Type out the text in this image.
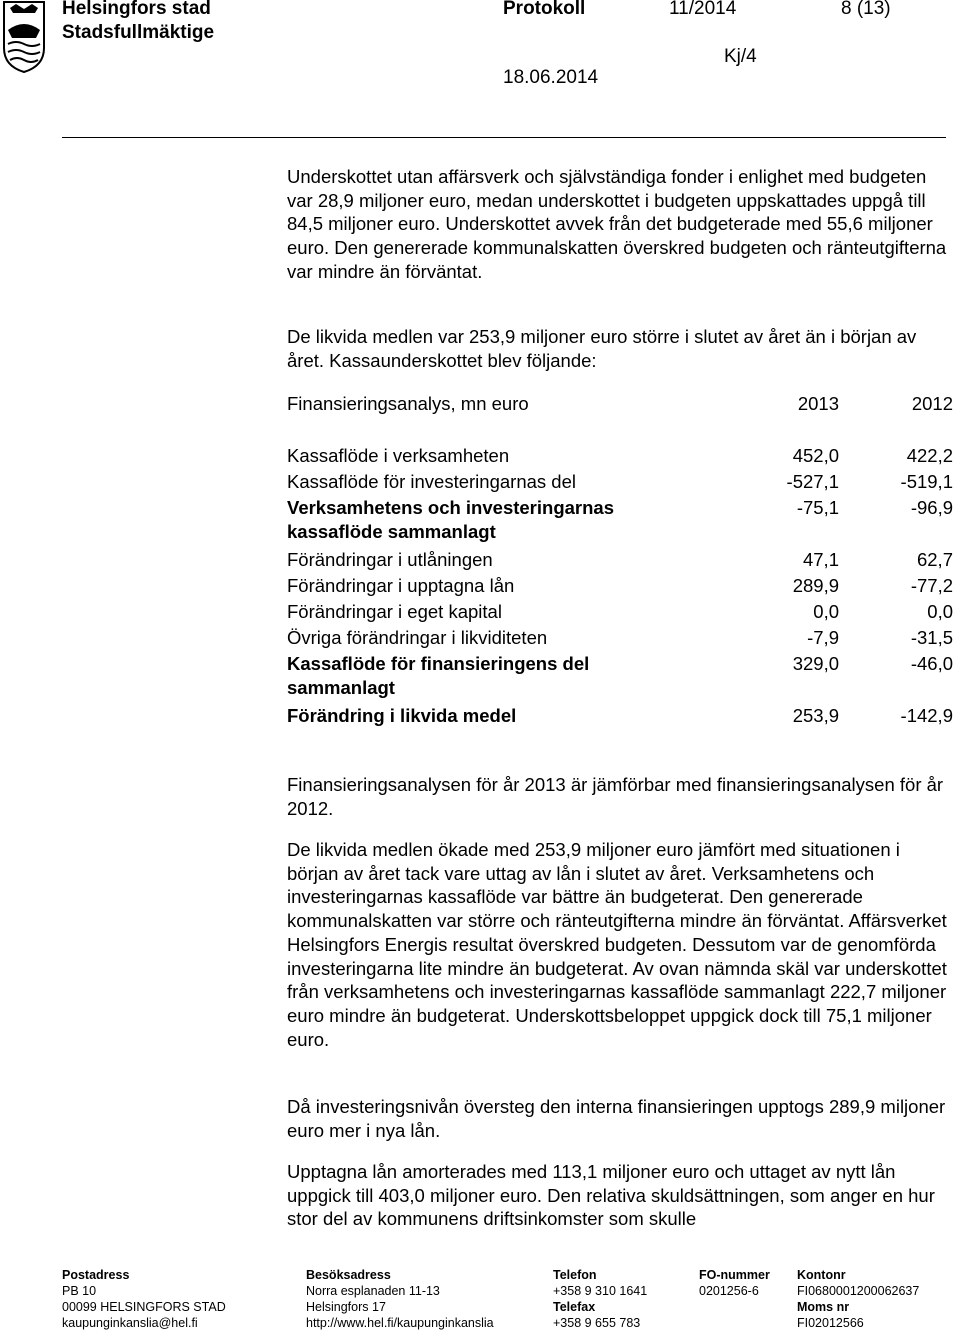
Helsingfors stad
Stadsfullmäktige
Protokoll	11/2014	8 (13)
Kj/4
18.06.2014

Underskottet utan affärsverk och självständiga fonder i enlighet med budgeten var 28,9 miljoner euro, medan underskottet i budgeten uppskattades uppgå till 84,5 miljoner euro. Underskottet avvek från det budgeterade med 55,6 miljoner euro. Den genererade kommunalskatten överskred budgeten och ränteutgifterna var mindre än förväntat.

De likvida medlen var 253,9 miljoner euro större i slutet av året än i början av året. Kassaunderskottet blev följande:

Finansieringsanalys, mn euro	2013	2012
Kassaflöde i verksamheten	452,0	422,2
Kassaflöde för investeringarnas del	-527,1	-519,1
Verksamhetens och investeringarnas kassaflöde sammanlagt
-75,1	-96,9
Förändringar i utlåningen	47,1	62,7
Förändringar i upptagna lån	289,9	-77,2
Förändringar i eget kapital	0,0	0,0
Övriga förändringar i likviditeten	-7,9	-31,5
Kassaflöde för finansieringens del sammanlagt
329,0	-46,0
Förändring i likvida medel	253,9	-142,9

Finansieringsanalysen för år 2013 är jämförbar med finansieringsanalysen för år 2012.

De likvida medlen ökade med 253,9 miljoner euro jämfört med situationen i början av året tack vare uttag av lån i slutet av året. Verksamhetens och investeringarnas kassaflöde var bättre än budgeterat. Den genererade kommunalskatten var större och ränteutgifterna mindre än förväntat. Affärsverket Helsingfors Energis resultat överskred budgeten. Dessutom var de genomförda investeringarna lite mindre än budgeterat. Av ovan nämnda skäl var underskottet från verksamhetens och investeringarnas kassaflöde sammanlagt 222,7 miljoner euro mindre än budgeterat. Underskottsbeloppet uppgick dock till 75,1 miljoner euro.

Då investeringsnivån översteg den interna finansieringen upptogs 289,9 miljoner euro mer i nya lån.

Upptagna lån amorterades med 113,1 miljoner euro och uttaget av nytt lån uppgick till 403,0 miljoner euro. Den relativa skuldsättningen, som anger en hur stor del av kommunens driftsinkomster som skulle

Postadress
PB 10
00099 HELSINGFORS STAD
kaupunginkanslia@hel.fi
Besöksadress
Norra esplanaden 11-13
Helsingfors 17
http://www.hel.fi/kaupunginkanslia
Telefon
+358 9 310 1641
Telefax
+358 9 655 783
FO-nummer
0201256-6
Kontonr
FI0680001200062637
Moms nr
FI02012566
